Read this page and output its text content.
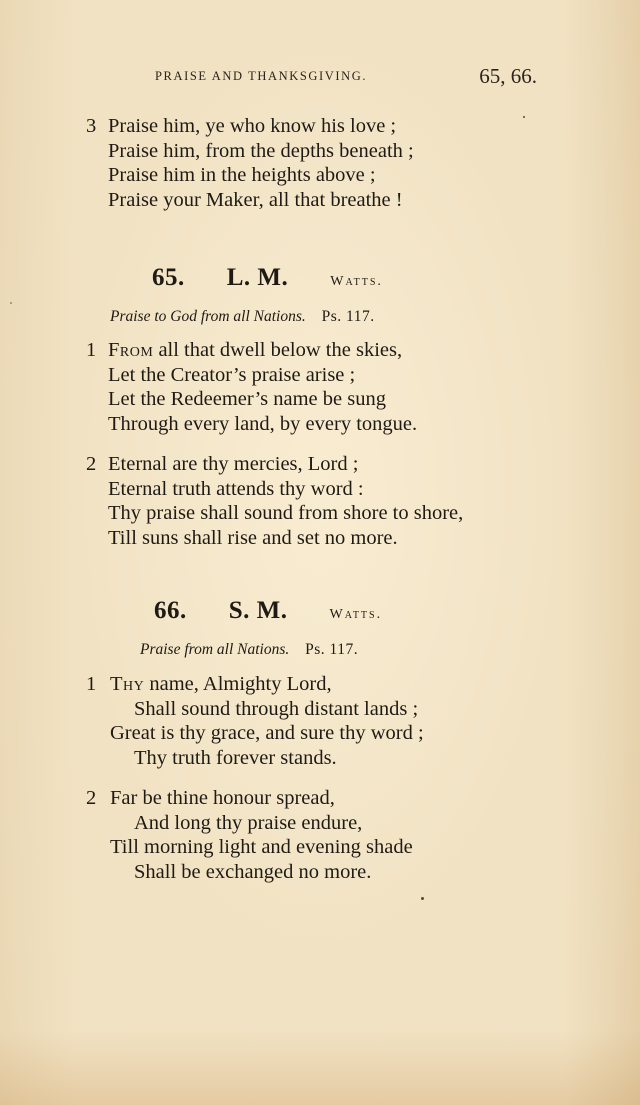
PRAISE AND THANKSGIVING.	65, 66.
3 Praise him, ye who know his love ;
Praise him, from the depths beneath ;
Praise him in the heights above ;
Praise your Maker, all that breathe !
65. L. M.	Watts.
Praise to God from all Nations. Ps. 117.
1 From all that dwell below the skies,
Let the Creator’s praise arise ;
Let the Redeemer’s name be sung
Through every land, by every tongue.
2 Eternal are thy mercies, Lord ;
Eternal truth attends thy word :
Thy praise shall sound from shore to shore,
Till suns shall rise and set no more.
66. S. M.	Watts.
Praise from all Nations. Ps. 117.
1 Thy name, Almighty Lord,
Shall sound through distant lands ;
Great is thy grace, and sure thy word ;
Thy truth forever stands.
2 Far be thine honour spread,
And long thy praise endure,
Till morning light and evening shade
Shall be exchanged no more.
